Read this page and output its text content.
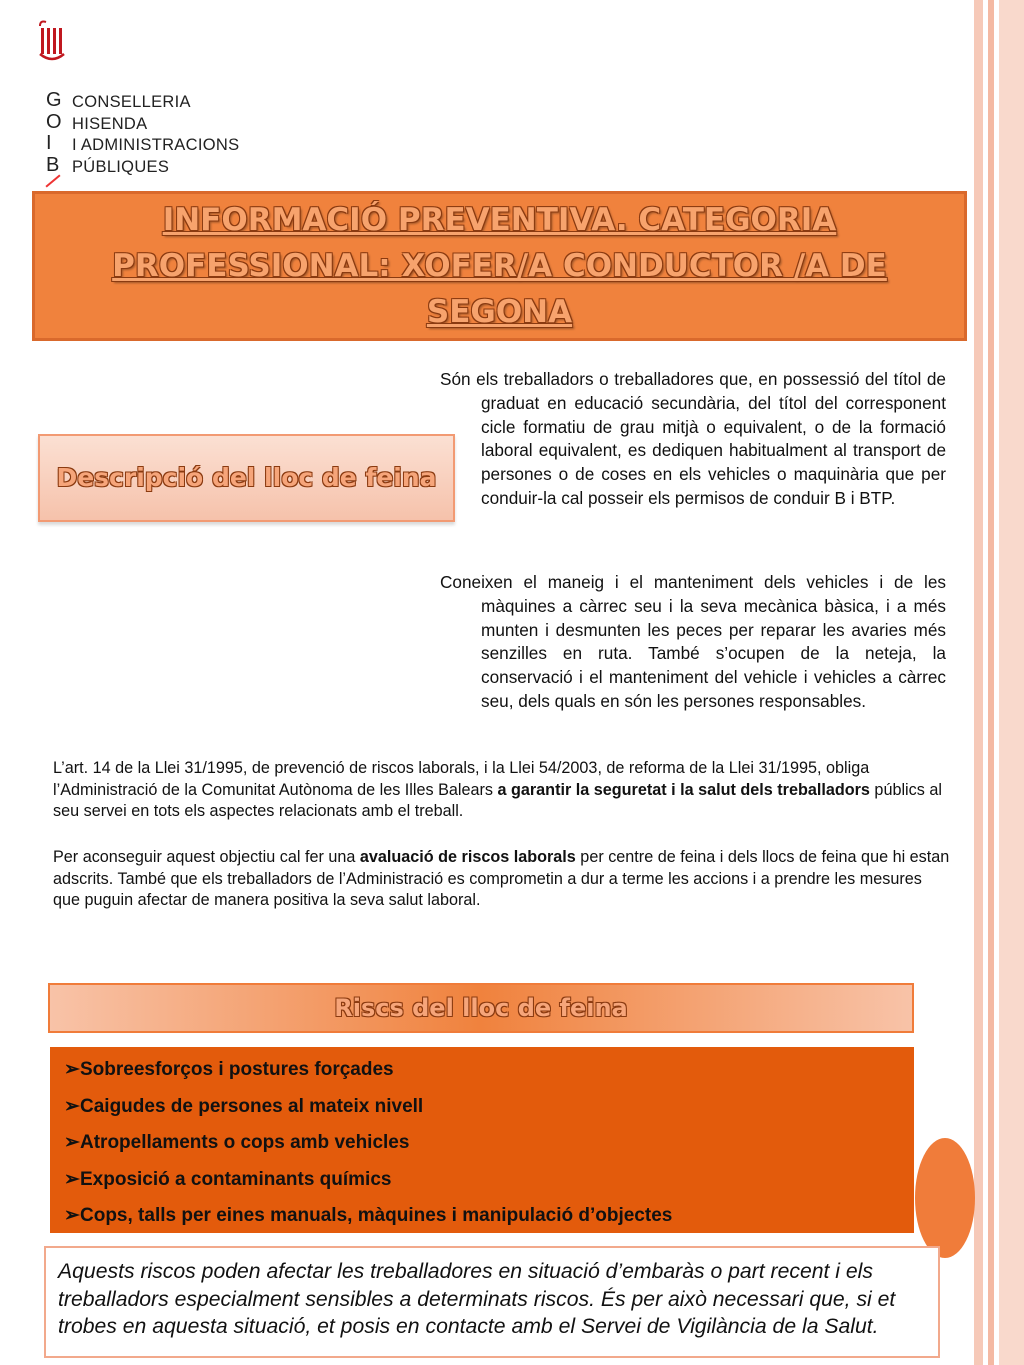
G
O
I
B
CONSELLERIA
HISENDA
I ADMINISTRACIONS
PÚBLIQUES
INFORMACIÓ PREVENTIVA. CATEGORIA PROFESSIONAL: XOFER/A CONDUCTOR /A DE SEGONA
Descripció del lloc de feina

Són els treballadors o treballadores que, en possessió del títol de graduat en educació secundària, del títol del corresponent cicle formatiu de grau mitjà o equivalent, o de la formació laboral equivalent, es dediquen habitualment al transport de persones o de coses en els vehicles o maquinària que per conduir-la cal posseir els permisos de conduir B i BTP.

Coneixen el maneig i el manteniment dels vehicles i de les màquines a càrrec seu i la seva mecànica bàsica, i a més munten i desmunten les peces per reparar les avaries més senzilles en ruta. També s’ocupen de la neteja, la conservació i el manteniment del vehicle i vehicles a càrrec seu, dels quals en són les persones responsables.

L’art. 14 de la Llei 31/1995, de prevenció de riscos laborals, i la Llei 54/2003, de reforma de la Llei 31/1995, obliga l’Administració de la Comunitat Autònoma de les Illes Balears a garantir la seguretat i la salut dels treballadors públics al seu servei en tots els aspectes relacionats amb el treball.

Per aconseguir aquest objectiu cal fer una avaluació de riscos laborals per centre de feina i dels llocs de feina que hi estan adscrits. També que els treballadors de l’Administració es comprometin a dur a terme les accions i a prendre les mesures que puguin afectar de manera positiva la seva salut laboral.

Riscs del lloc de feina
➢Sobreesforços i postures forçades
➢Caigudes de persones al mateix nivell
➢Atropellaments o cops amb vehicles
➢Exposició a contaminants químics
➢Cops, talls per eines manuals, màquines i manipulació d’objectes

Aquests riscos poden afectar les treballadores en situació d’embaràs o part recent i els treballadors especialment sensibles a determinats riscos. És per això necessari que, si et trobes en aquesta situació, et posis en contacte amb el Servei de Vigilància de la Salut.
